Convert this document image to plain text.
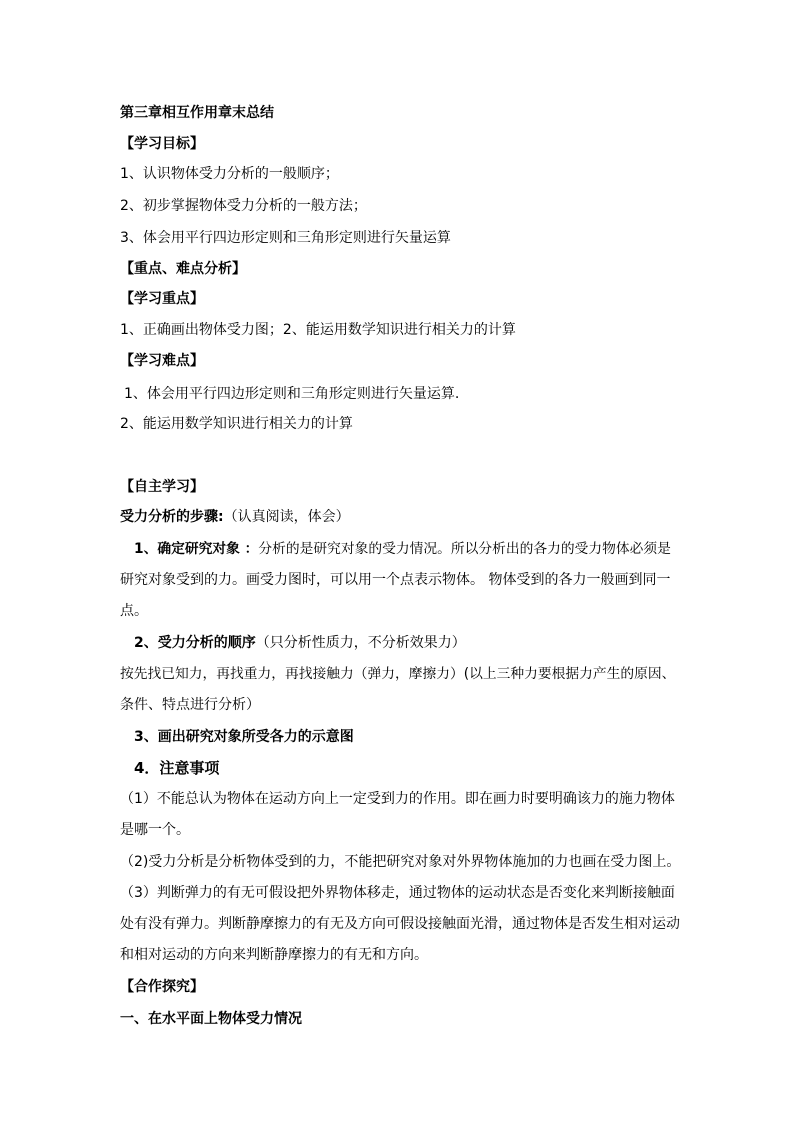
第三章相互作用章末总结
【学习目标】
1、认识物体受力分析的一般顺序；
2、初步掌握物体受力分析的一般方法；
3、体会用平行四边形定则和三角形定则进行矢量运算
【重点、难点分析】
【学习重点】
1、正确画出物体受力图；2、能运用数学知识进行相关力的计算
【学习难点】
1、体会用平行四边形定则和三角形定则进行矢量运算.
2、能运用数学知识进行相关力的计算
【自主学习】
受力分析的步骤:（认真阅读，体会）
1、确定研究对象 ：分析的是研究对象的受力情况。所以分析出的各力的受力物体必须是
研究对象受到的力。画受力图时，可以用一个点表示物体。 物体受到的各力一般画到同一
点。
2、受力分析的顺序（只分析性质力，不分析效果力）
按先找已知力，再找重力，再找接触力（弹力，摩擦力）(以上三种力要根据力产生的原因、
条件、特点进行分析）
3、画出研究对象所受各力的示意图
4．注意事项
（1）不能总认为物体在运动方向上一定受到力的作用。即在画力时要明确该力的施力物体
是哪一个。
（2)受力分析是分析物体受到的力，不能把研究对象对外界物体施加的力也画在受力图上。
（3）判断弹力的有无可假设把外界物体移走，通过物体的运动状态是否变化来判断接触面
处有没有弹力。判断静摩擦力的有无及方向可假设接触面光滑，通过物体是否发生相对运动
和相对运动的方向来判断静摩擦力的有无和方向。
【合作探究】
一、在水平面上物体受力情况
